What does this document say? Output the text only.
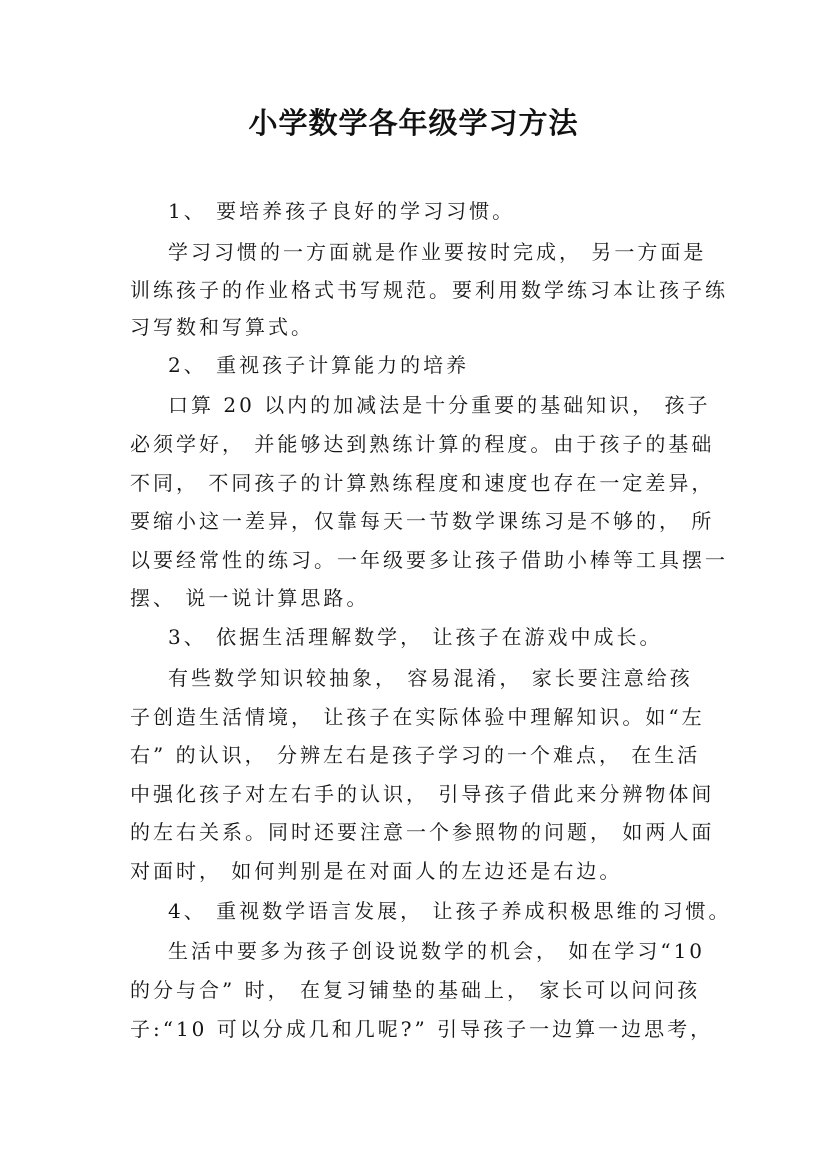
小学数学各年级学习方法
1、 要培养孩子良好的学习习惯。
学习习惯的一方面就是作业要按时完成， 另一方面是
训练孩子的作业格式书写规范。要利用数学练习本让孩子练
习写数和写算式。
2、 重视孩子计算能力的培养
口算 20 以内的加减法是十分重要的基础知识， 孩子
必须学好， 并能够达到熟练计算的程度。由于孩子的基础
不同， 不同孩子的计算熟练程度和速度也存在一定差异，
要缩小这一差异，仅靠每天一节数学课练习是不够的， 所
以要经常性的练习。一年级要多让孩子借助小棒等工具摆一
摆、 说一说计算思路。
3、 依据生活理解数学， 让孩子在游戏中成长。
有些数学知识较抽象， 容易混淆， 家长要注意给孩
子创造生活情境， 让孩子在实际体验中理解知识。如“左
右” 的认识， 分辨左右是孩子学习的一个难点， 在生活
中强化孩子对左右手的认识， 引导孩子借此来分辨物体间
的左右关系。同时还要注意一个参照物的问题， 如两人面
对面时， 如何判别是在对面人的左边还是右边。
4、 重视数学语言发展， 让孩子养成积极思维的习惯。
生活中要多为孩子创设说数学的机会， 如在学习“10
的分与合” 时， 在复习铺垫的基础上， 家长可以问问孩
子:“10 可以分成几和几呢?” 引导孩子一边算一边思考，
